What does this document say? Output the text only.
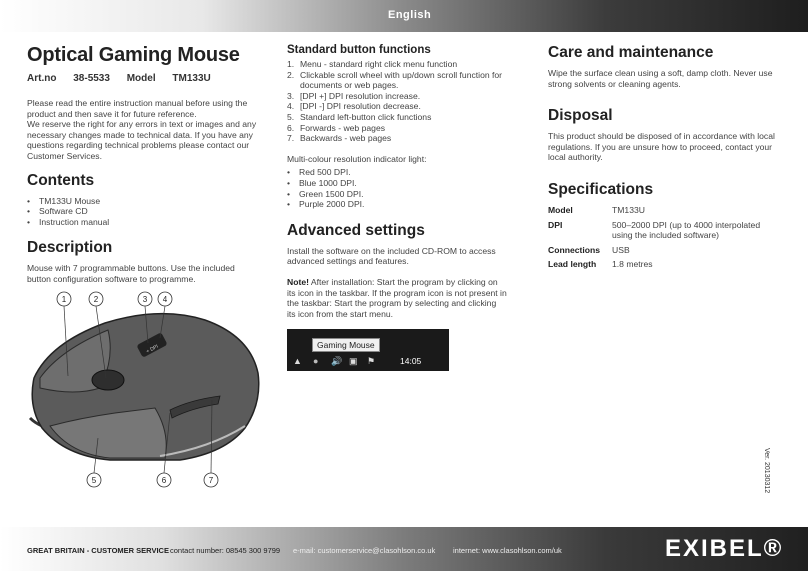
English
Optical Gaming Mouse
Art.no 38-5533 Model TM133U

Please read the entire instruction manual before using the product and then save it for future reference.
We reserve the right for any errors in text or images and any necessary changes made to technical data. If you have any questions regarding technical problems please contact our Customer Services.

Contents
• TM133U Mouse
• Software CD
• Instruction manual
Description

Mouse with 7 programmable buttons. Use the included button configuration software to programme.

+ DPI
1	2	3 4
5	6	7
Standard button functions
1. Menu - standard right click menu function
2. Clickable scroll wheel with up/down scroll function for documents or web pages.
3. [DPI +] DPI resolution increase.
4. [DPI -] DPI resolution decrease.
5. Standard left-button click functions
6. Forwards - web pages
7. Backwards - web pages

Multi-colour resolution indicator light:

• Red 500 DPI.
• Blue 1000 DPI.
• Green 1500 DPI.
• Purple 2000 DPI.
Advanced settings

Install the software on the included CD-ROM to access advanced settings and features.

Note! After installation: Start the program by clicking on its icon in the taskbar. If the program icon is not present in the taskbar: Start the program by selecting and clicking its icon from the start menu.

Gaming Mouse
▲ ● 🔊 ▣ ⚑	14:05
Care and maintenance

Wipe the surface clean using a soft, damp cloth. Never use strong solvents or cleaning agents.

Disposal

This product should be disposed of in accordance with local regulations. If you are unsure how to proceed, contact your local authority.

Specifications
Model	TM133U
DPI	500–2000 DPI (up to 4000 interpolated using the included software)
Connections	USB
Lead length	1.8 metres
Ver. 20130312
GREAT BRITAIN - CUSTOMER SERVICE contact number: 08545 300 9799 e-mail: customerservice@clasohlson.co.uk internet: www.clasohlson.com/uk	EXIBEL®
